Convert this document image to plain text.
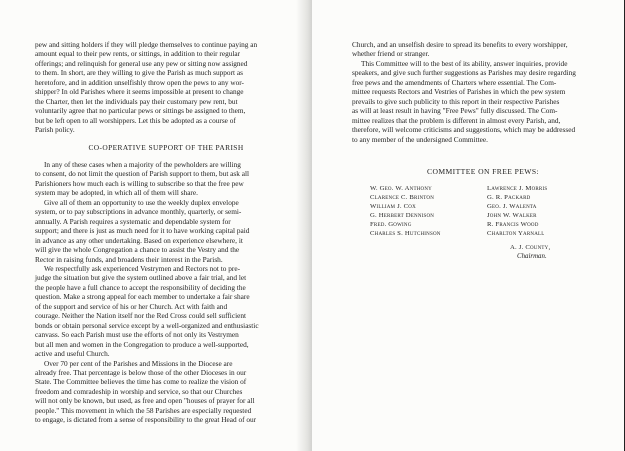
pew and sitting holders if they will pledge themselves to continue paying an
amount equal to their pew rents, or sittings, in addition to their regular
offerings; and relinquish for general use any pew or sitting now assigned
to them. In short, are they willing to give the Parish as much support as
heretofore, and in addition unselfishly throw open the pews to any wor-
shipper? In old Parishes where it seems impossible at present to change
the Charter, then let the individuals pay their customary pew rent, but
voluntarily agree that no particular pews or sittings be assigned to them,
but be left open to all worshippers. Let this be adopted as a course of
Parish policy.
CO-OPERATIVE SUPPORT OF THE PARISH
In any of these cases when a majority of the pewholders are willing
to consent, do not limit the question of Parish support to them, but ask all
Parishioners how much each is willing to subscribe so that the free pew
system may be adopted, in which all of them will share.
Give all of them an opportunity to use the weekly duplex envelope
system, or to pay subscriptions in advance monthly, quarterly, or semi-
annually. A Parish requires a systematic and dependable system for
support; and there is just as much need for it to have working capital paid
in advance as any other undertaking. Based on experience elsewhere, it
will give the whole Congregation a chance to assist the Vestry and the
Rector in raising funds, and broadens their interest in the Parish.
We respectfully ask experienced Vestrymen and Rectors not to pre-
judge the situation but give the system outlined above a fair trial, and let
the people have a full chance to accept the responsibility of deciding the
question. Make a strong appeal for each member to undertake a fair share
of the support and service of his or her Church. Act with faith and
courage. Neither the Nation itself nor the Red Cross could sell sufficient
bonds or obtain personal service except by a well-organized and enthusiastic
canvass. So each Parish must use the efforts of not only its Vestrymen
but all men and women in the Congregation to produce a well-supported,
active and useful Church.
Over 70 per cent of the Parishes and Missions in the Diocese are
already free. That percentage is below those of the other Dioceses in our
State. The Committee believes the time has come to realize the vision of
freedom and comradeship in worship and service, so that our Churches
will not only be known, but used, as free and open "houses of prayer for all
people." This movement in which the 58 Parishes are especially requested
to engage, is dictated from a sense of responsibility to the great Head of our
Church, and an unselfish desire to spread its benefits to every worshipper,
whether friend or stranger.
This Committee will to the best of its ability, answer inquiries, provide
speakers, and give such further suggestions as Parishes may desire regarding
free pews and the amendments of Charters where essential. The Com-
mittee requests Rectors and Vestries of Parishes in which the pew system
prevails to give such publicity to this report in their respective Parishes
as will at least result in having "Free Pews" fully discussed. The Com-
mittee realizes that the problem is different in almost every Parish, and,
therefore, will welcome criticisms and suggestions, which may be addressed
to any member of the undersigned Committee.
COMMITTEE ON FREE PEWS:
W. Geo. W. Anthony
Clarence C. Brinton
William J. Cox
G. Herbert Dennison
Fred. Gowing
Charles S. Hutchinson
Lawrence J. Morris
G. R. Packard
Geo. J. Walenta
John W. Walker
R. Francis Wood
Charlton Yarnall
A. J. County,
Chairman.
